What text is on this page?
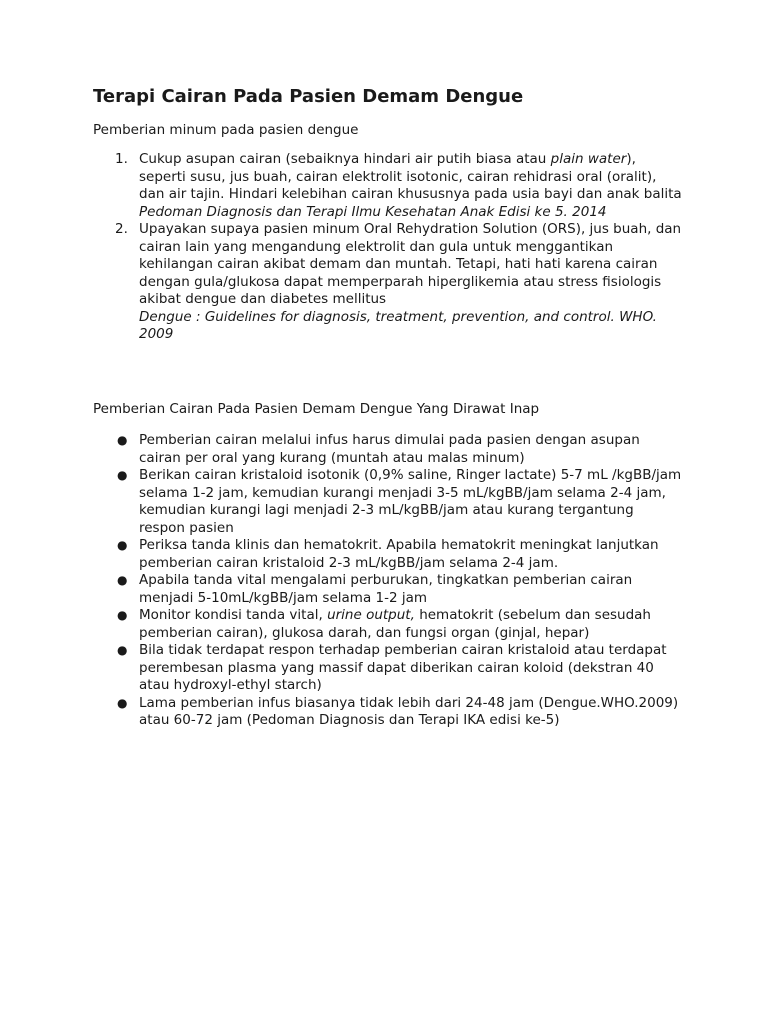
Terapi Cairan Pada Pasien Demam Dengue

Pemberian minum pada pasien dengue

1. Cukup asupan cairan (sebaiknya hindari air putih biasa atau plain water), seperti susu, jus buah, cairan elektrolit isotonic, cairan rehidrasi oral (oralit), dan air tajin. Hindari kelebihan cairan khususnya pada usia bayi dan anak balita
Pedoman Diagnosis dan Terapi Ilmu Kesehatan Anak Edisi ke 5. 2014
2. Upayakan supaya pasien minum Oral Rehydration Solution (ORS), jus buah, dan cairan lain yang mengandung elektrolit dan gula untuk menggantikan kehilangan cairan akibat demam dan muntah. Tetapi, hati hati karena cairan dengan gula/glukosa dapat memperparah hiperglikemia atau stress fisiologis akibat dengue dan diabetes mellitus
Dengue : Guidelines for diagnosis, treatment, prevention, and control. WHO. 2009

Pemberian Cairan Pada Pasien Demam Dengue Yang Dirawat Inap

● Pemberian cairan melalui infus harus dimulai pada pasien dengan asupan cairan per oral yang kurang (muntah atau malas minum)
● Berikan cairan kristaloid isotonik (0,9% saline, Ringer lactate) 5-7 mL /kgBB/jam selama 1-2 jam, kemudian kurangi menjadi 3-5 mL/kgBB/jam selama 2-4 jam, kemudian kurangi lagi menjadi 2-3 mL/kgBB/jam atau kurang tergantung respon pasien
● Periksa tanda klinis dan hematokrit. Apabila hematokrit meningkat lanjutkan pemberian cairan kristaloid 2-3 mL/kgBB/jam selama 2-4 jam.
● Apabila tanda vital mengalami perburukan, tingkatkan pemberian cairan menjadi 5-10mL/kgBB/jam selama 1-2 jam
● Monitor kondisi tanda vital, urine output, hematokrit (sebelum dan sesudah pemberian cairan), glukosa darah, dan fungsi organ (ginjal, hepar)
● Bila tidak terdapat respon terhadap pemberian cairan kristaloid atau terdapat perembesan plasma yang massif dapat diberikan cairan koloid (dekstran 40 atau hydroxyl-ethyl starch)
● Lama pemberian infus biasanya tidak lebih dari 24-48 jam (Dengue.WHO.2009) atau 60-72 jam (Pedoman Diagnosis dan Terapi IKA edisi ke-5)
